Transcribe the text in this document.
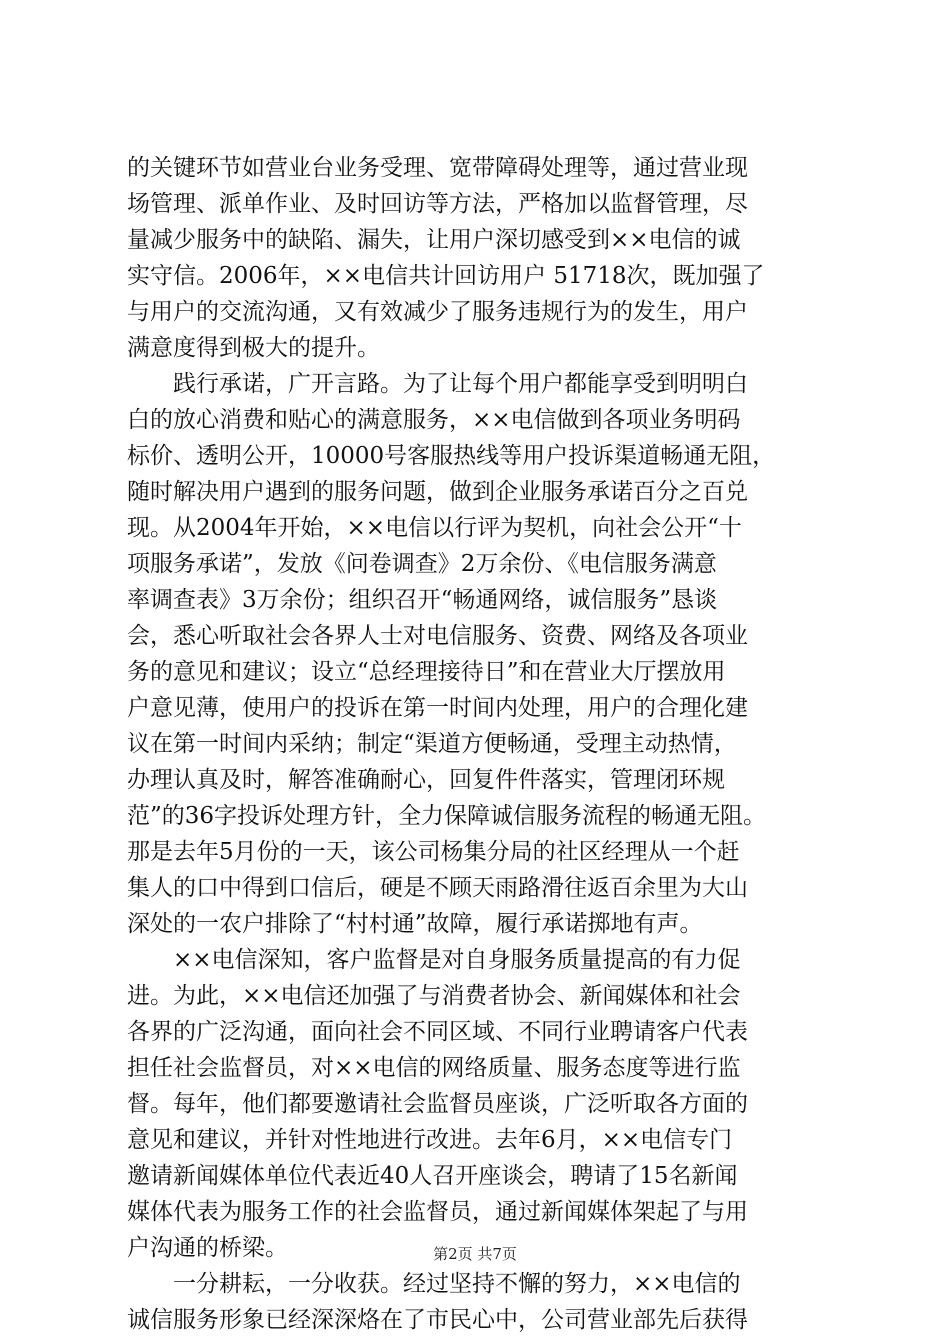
的关键环节如营业台业务受理、宽带障碍处理等，通过营业现
场管理、派单作业、及时回访等方法，严格加以监督管理，尽
量减少服务中的缺陷、漏失，让用户深切感受到××电信的诚
实守信。2006年，××电信共计回访用户 51718次，既加强了
与用户的交流沟通，又有效减少了服务违规行为的发生，用户
满意度得到极大的提升。
　　践行承诺，广开言路。为了让每个用户都能享受到明明白
白的放心消费和贴心的满意服务，××电信做到各项业务明码
标价、透明公开，10000号客服热线等用户投诉渠道畅通无阻，
随时解决用户遇到的服务问题，做到企业服务承诺百分之百兑
现。从2004年开始，××电信以行评为契机，向社会公开“十
项服务承诺”，发放《问卷调查》2万余份、《电信服务满意
率调查表》3万余份；组织召开“畅通网络，诚信服务”恳谈
会，悉心听取社会各界人士对电信服务、资费、网络及各项业
务的意见和建议；设立“总经理接待日”和在营业大厅摆放用
户意见薄，使用户的投诉在第一时间内处理，用户的合理化建
议在第一时间内采纳；制定“渠道方便畅通，受理主动热情，
办理认真及时，解答准确耐心，回复件件落实，管理闭环规
范”的36字投诉处理方针，全力保障诚信服务流程的畅通无阻。
那是去年5月份的一天，该公司杨集分局的社区经理从一个赶
集人的口中得到口信后，硬是不顾天雨路滑往返百余里为大山
深处的一农户排除了“村村通”故障，履行承诺掷地有声。
　　××电信深知，客户监督是对自身服务质量提高的有力促
进。为此，××电信还加强了与消费者协会、新闻媒体和社会
各界的广泛沟通，面向社会不同区域、不同行业聘请客户代表
担任社会监督员，对××电信的网络质量、服务态度等进行监
督。每年，他们都要邀请社会监督员座谈，广泛听取各方面的
意见和建议，并针对性地进行改进。去年6月，××电信专门
邀请新闻媒体单位代表近40人召开座谈会，聘请了15名新闻
媒体代表为服务工作的社会监督员，通过新闻媒体架起了与用
户沟通的桥梁。
　　一分耕耘，一分收获。经过坚持不懈的努力，××电信的
诚信服务形象已经深深烙在了市民心中，公司营业部先后获得
第2页 共7页
